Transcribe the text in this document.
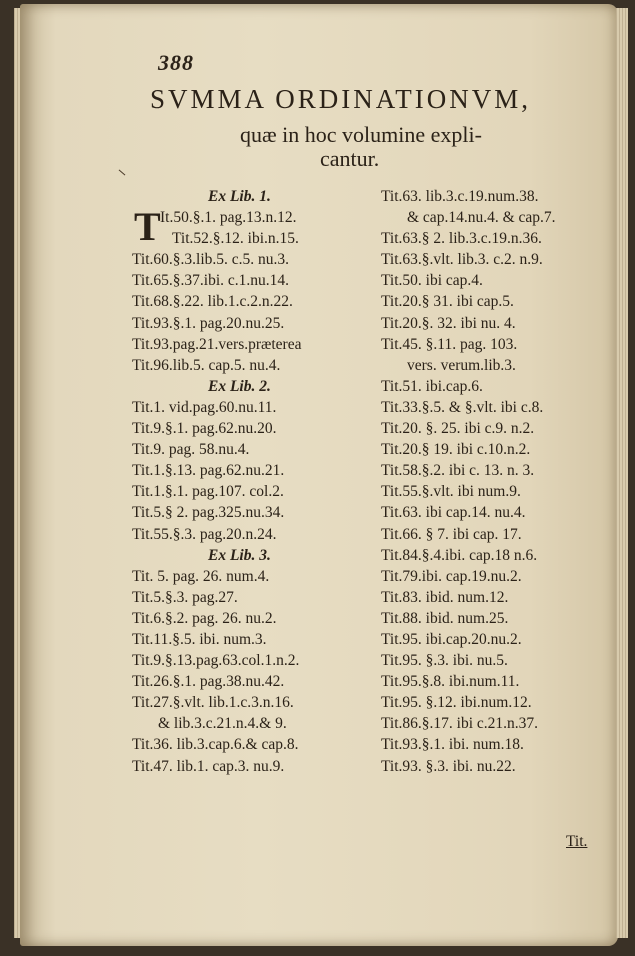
388
SVMMA ORDINATIONVM,
quæ in hoc volumine expli-
cantur.
Ex Lib. 1.
T It.50.§.1. pag.13.n.12.
Tit.52.§.12. ibi.n.15.
Tit.60.§.3.lib.5. c.5. nu.3.
Tit.65.§.37.ibi. c.1.nu.14.
Tit.68.§.22. lib.1.c.2.n.22.
Tit.93.§.1. pag.20.nu.25.
Tit.93.pag.21.vers.præterea
Tit.96.lib.5. cap.5. nu.4.
Ex Lib. 2.
Tit.1. vid.pag.60.nu.11.
Tit.9.§.1. pag.62.nu.20.
Tit.9. pag. 58.nu.4.
Tit.1.§.13. pag.62.nu.21.
Tit.1.§.1. pag.107. col.2.
Tit.5.§ 2. pag.325.nu.34.
Tit.55.§.3. pag.20.n.24.
Ex Lib. 3.
Tit. 5. pag. 26. num.4.
Tit.5.§.3. pag.27.
Tit.6.§.2. pag. 26. nu.2.
Tit.11.§.5. ibi. num.3.
Tit.9.§.13.pag.63.col.1.n.2.
Tit.26.§.1. pag.38.nu.42.
Tit.27.§.vlt. lib.1.c.3.n.16.
& lib.3.c.21.n.4.& 9.
Tit.36. lib.3.cap.6.& cap.8.
Tit.47. lib.1. cap.3. nu.9.
Tit.63. lib.3.c.19.num.38.
& cap.14.nu.4. & cap.7.
Tit.63.§ 2. lib.3.c.19.n.36.
Tit.63.§.vlt. lib.3. c.2. n.9.
Tit.50. ibi cap.4.
Tit.20.§ 31. ibi cap.5.
Tit.20.§. 32. ibi nu. 4.
Tit.45. §.11. pag. 103.
vers. verum.lib.3.
Tit.51. ibi.cap.6.
Tit.33.§.5. & §.vlt. ibi c.8.
Tit.20. §. 25. ibi c.9. n.2.
Tit.20.§ 19. ibi c.10.n.2.
Tit.58.§.2. ibi c. 13. n. 3.
Tit.55.§.vlt. ibi num.9.
Tit.63. ibi cap.14. nu.4.
Tit.66. § 7. ibi cap. 17.
Tit.84.§.4.ibi. cap.18 n.6.
Tit.79.ibi. cap.19.nu.2.
Tit.83. ibid. num.12.
Tit.88. ibid. num.25.
Tit.95. ibi.cap.20.nu.2.
Tit.95. §.3. ibi. nu.5.
Tit.95.§.8. ibi.num.11.
Tit.95. §.12. ibi.num.12.
Tit.86.§.17. ibi c.21.n.37.
Tit.93.§.1. ibi. num.18.
Tit.93. §.3. ibi. nu.22.
Tit.
